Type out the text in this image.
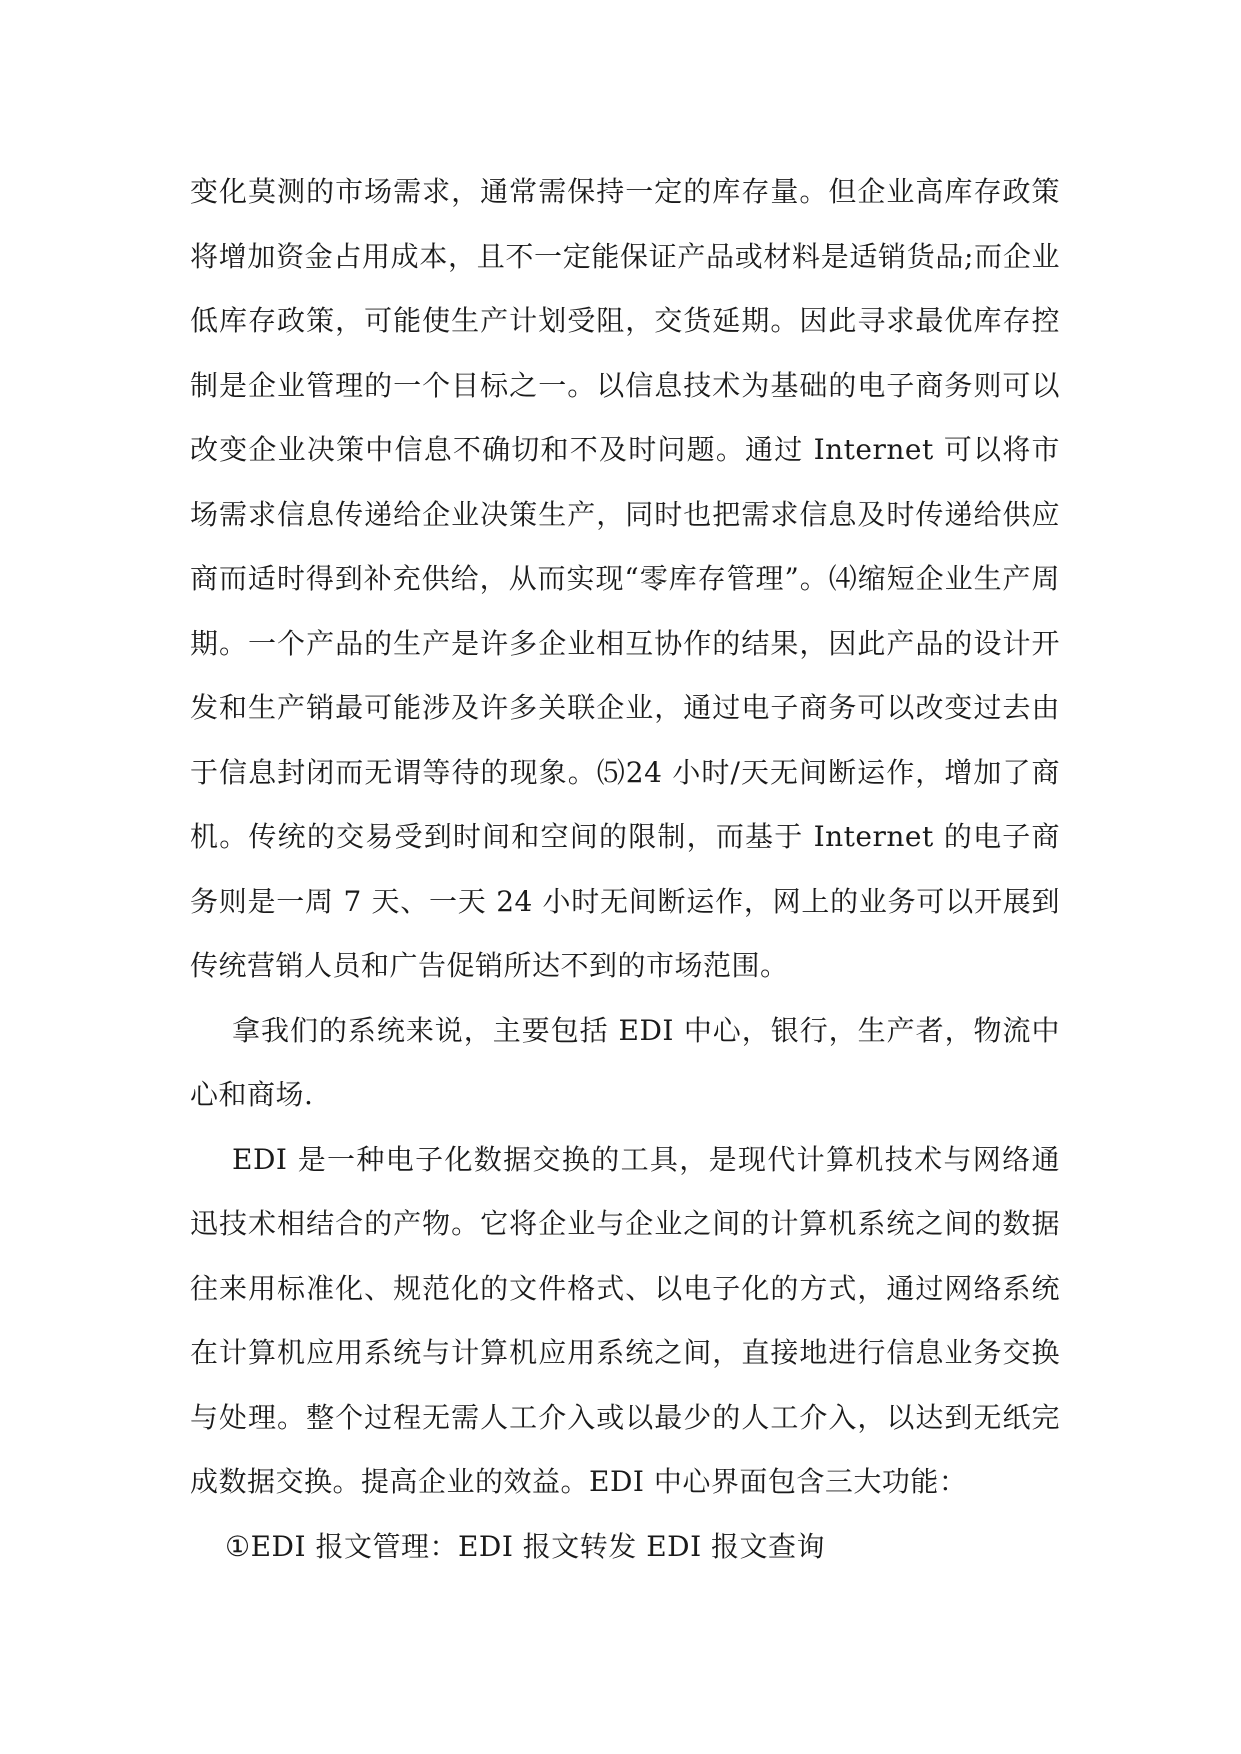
变化莫测的市场需求，通常需保持一定的库存量。但企业高库存政策将增加资金占用成本，且不一定能保证产品或材料是适销货品;而企业低库存政策，可能使生产计划受阻，交货延期。因此寻求最优库存控制是企业管理的一个目标之一。以信息技术为基础的电子商务则可以改变企业决策中信息不确切和不及时问题。通过 Internet 可以将市场需求信息传递给企业决策生产，同时也把需求信息及时传递给供应商而适时得到补充供给，从而实现“零库存管理”。⑷缩短企业生产周期。一个产品的生产是许多企业相互协作的结果，因此产品的设计开发和生产销最可能涉及许多关联企业，通过电子商务可以改变过去由于信息封闭而无谓等待的现象。⑸24 小时/天无间断运作，增加了商机。传统的交易受到时间和空间的限制，而基于 Internet 的电子商务则是一周 7 天、一天 24 小时无间断运作，网上的业务可以开展到传统营销人员和广告促销所达不到的市场范围。

拿我们的系统来说，主要包括 EDI 中心，银行，生产者，物流中心和商场.

EDI 是一种电子化数据交换的工具，是现代计算机技术与网络通迅技术相结合的产物。它将企业与企业之间的计算机系统之间的数据往来用标准化、规范化的文件格式、以电子化的方式，通过网络系统在计算机应用系统与计算机应用系统之间，直接地进行信息业务交换与处理。整个过程无需人工介入或以最少的人工介入，以达到无纸完成数据交换。提高企业的效益。EDI 中心界面包含三大功能：

①EDI 报文管理：EDI 报文转发 EDI 报文查询
